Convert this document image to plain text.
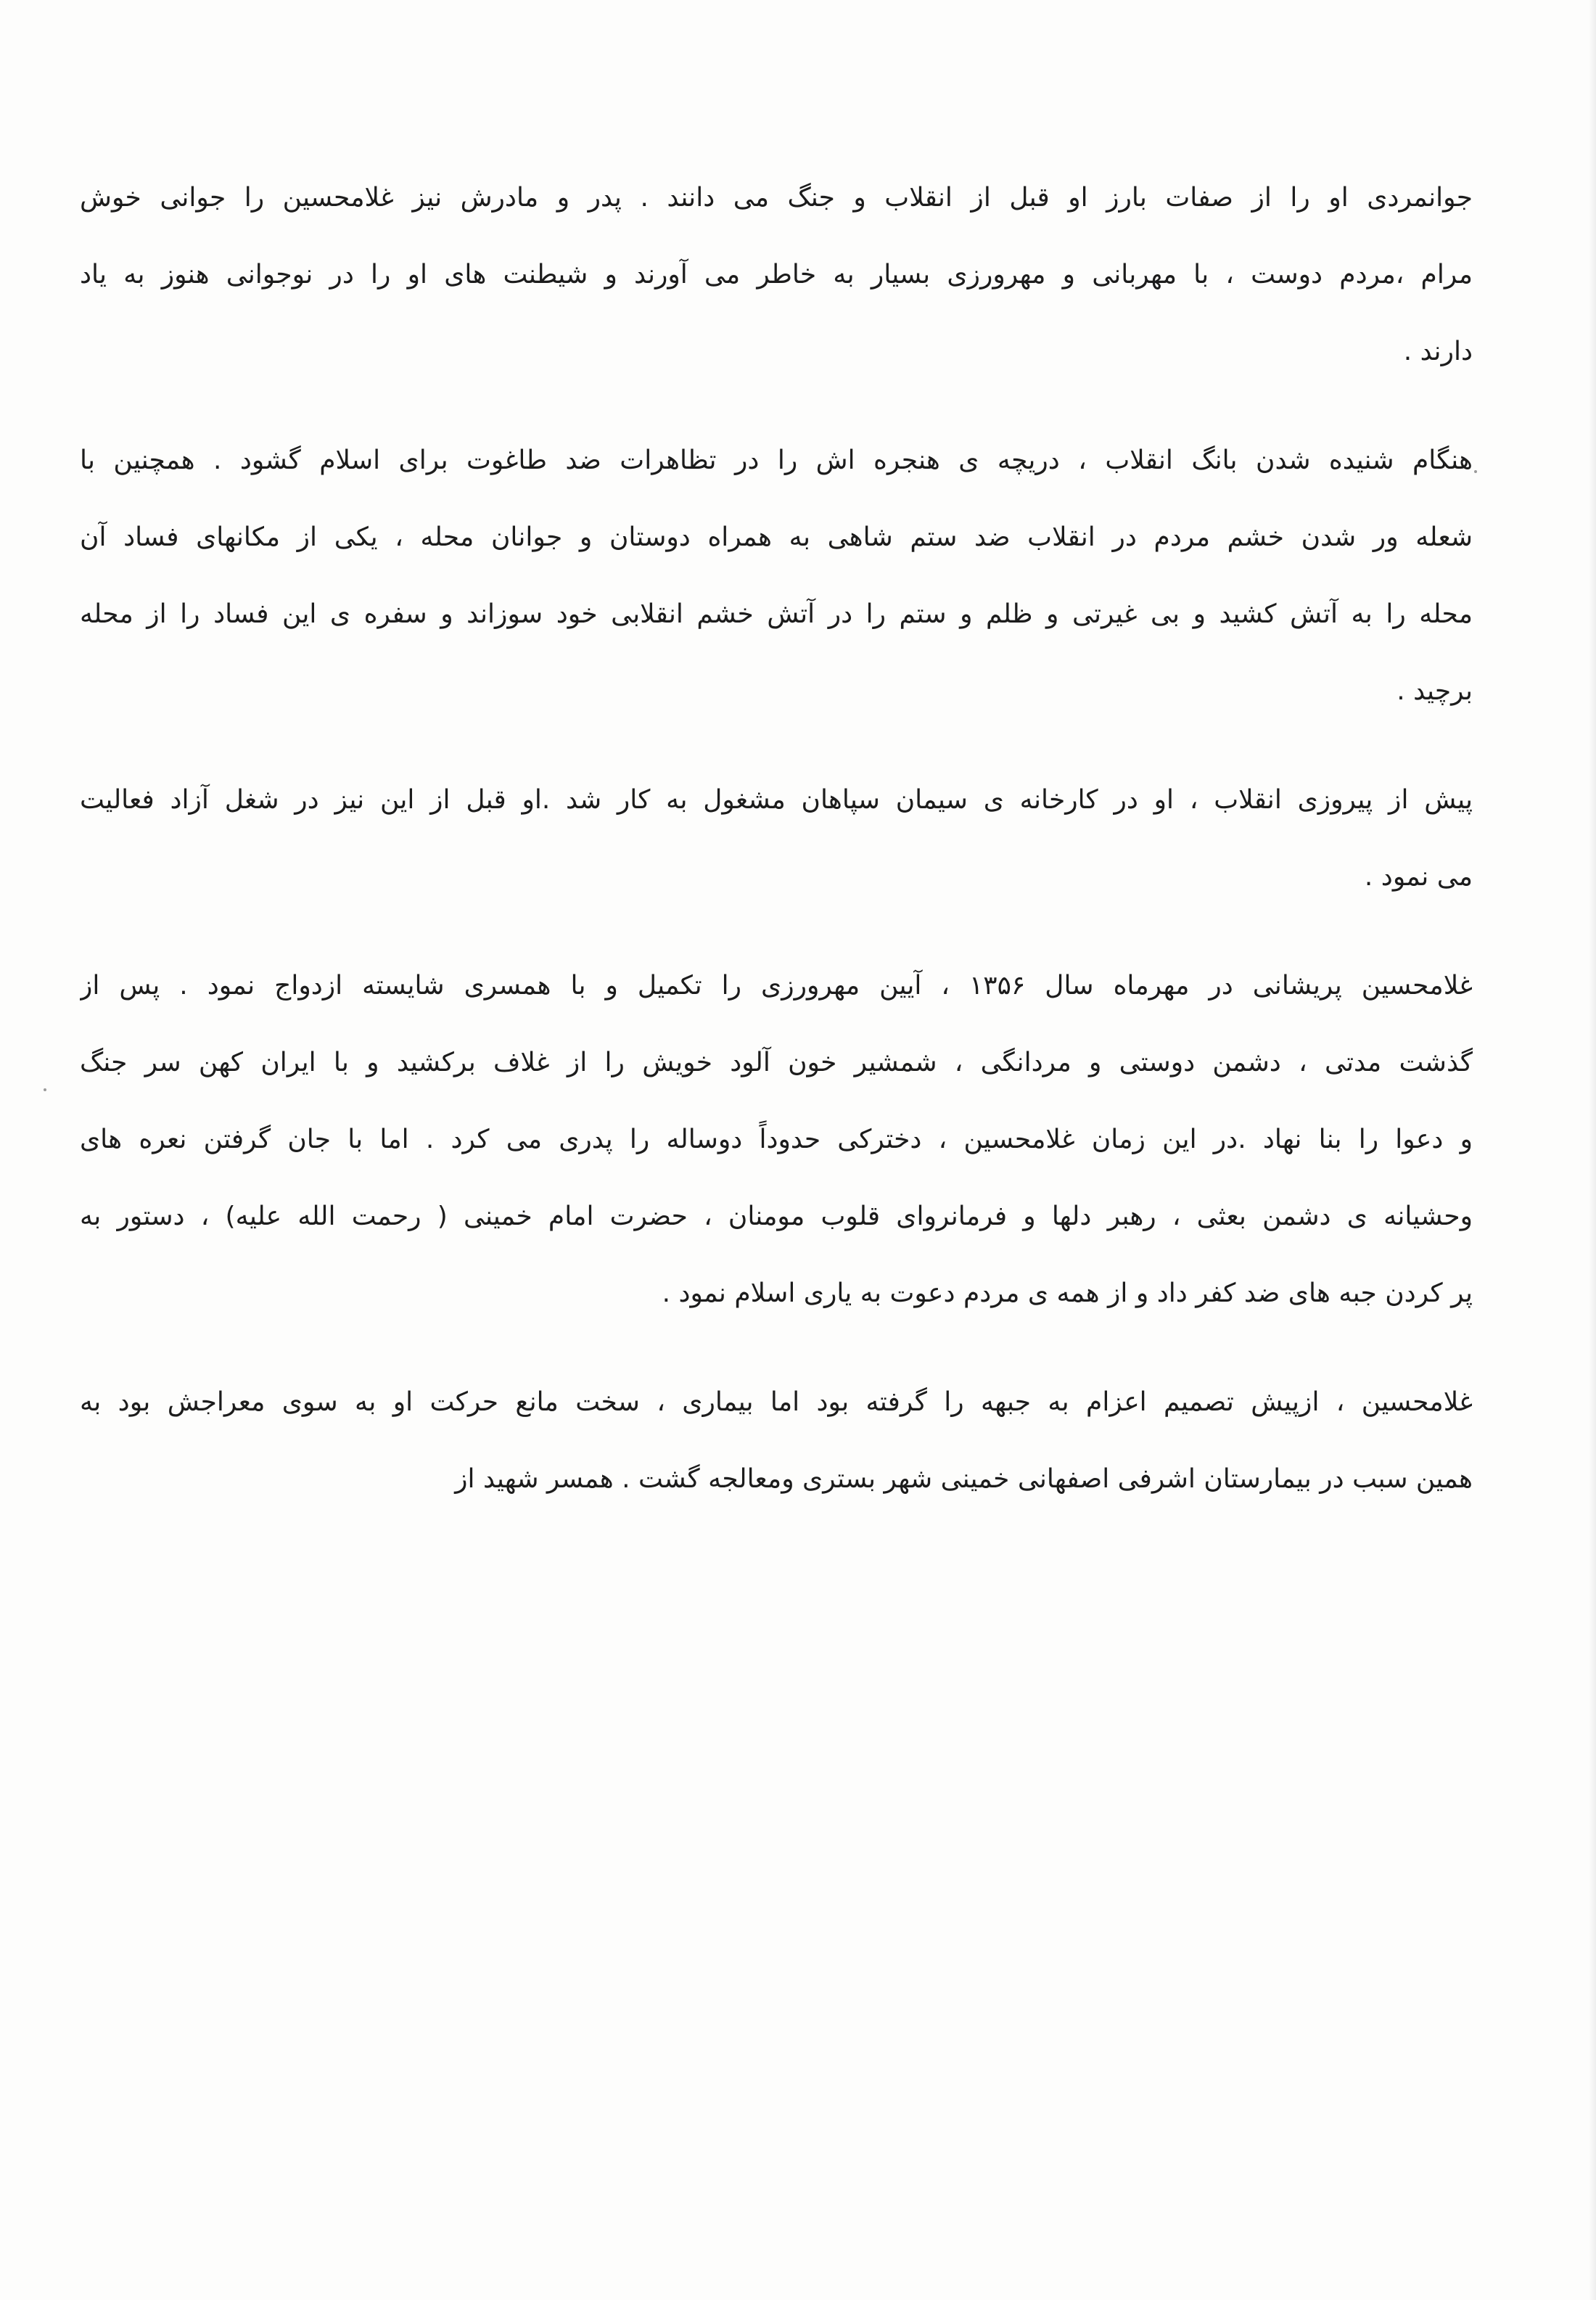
جوانمردی او را از صفات بارز او قبل از انقلاب و جنگ می دانند . پدر و مادرش نیز غلامحسین را جوانی خوش
مرام ،مردم دوست ، با مهربانی و مهرورزی بسیار به خاطر می آورند و شیطنت های او را در نوجوانی هنوز به یاد
دارند .
هنگام شنیده شدن بانگ انقلاب ، دریچه ی هنجره اش را در تظاهرات ضد طاغوت برای اسلام گشود . همچنین با
شعله ور شدن خشم مردم در انقلاب ضد ستم شاهی به همراه دوستان و جوانان محله ، یکی از مکانهای فساد آن
محله را به آتش کشید و بی غیرتی و ظلم و ستم را در آتش خشم انقلابی خود سوزاند و سفره ی این فساد را از محله
برچید .
پیش از پیروزی انقلاب ، او در کارخانه ی سیمان سپاهان مشغول به کار شد .او قبل از این نیز در شغل آزاد فعالیت
می نمود .
غلامحسین پریشانی در مهرماه سال ۱۳۵۶ ، آیین مهرورزی را تکمیل و با همسری شایسته ازدواج نمود . پس از
گذشت مدتی ، دشمن دوستی و مردانگی ، شمشیر خون آلود خویش را از غلاف برکشید و با ایران کهن سر جنگ
و دعوا را بنا نهاد .در این زمان غلامحسین ، دخترکی حدوداً دوساله را پدری می کرد . اما با جان گرفتن نعره های
وحشیانه ی دشمن بعثی ، رهبر دلها و فرمانروای قلوب مومنان ، حضرت امام خمینی ( رحمت الله علیه) ، دستور به
پر کردن جبه های ضد کفر داد و از همه ی مردم دعوت به یاری اسلام نمود .
غلامحسین ، ازپیش تصمیم اعزام به جبهه را گرفته بود اما بیماری ، سخت مانع حرکت او به سوی معراجش بود به
همین سبب در بیمارستان اشرفی اصفهانی خمینی شهر بستری ومعالجه گشت . همسر شهید از
